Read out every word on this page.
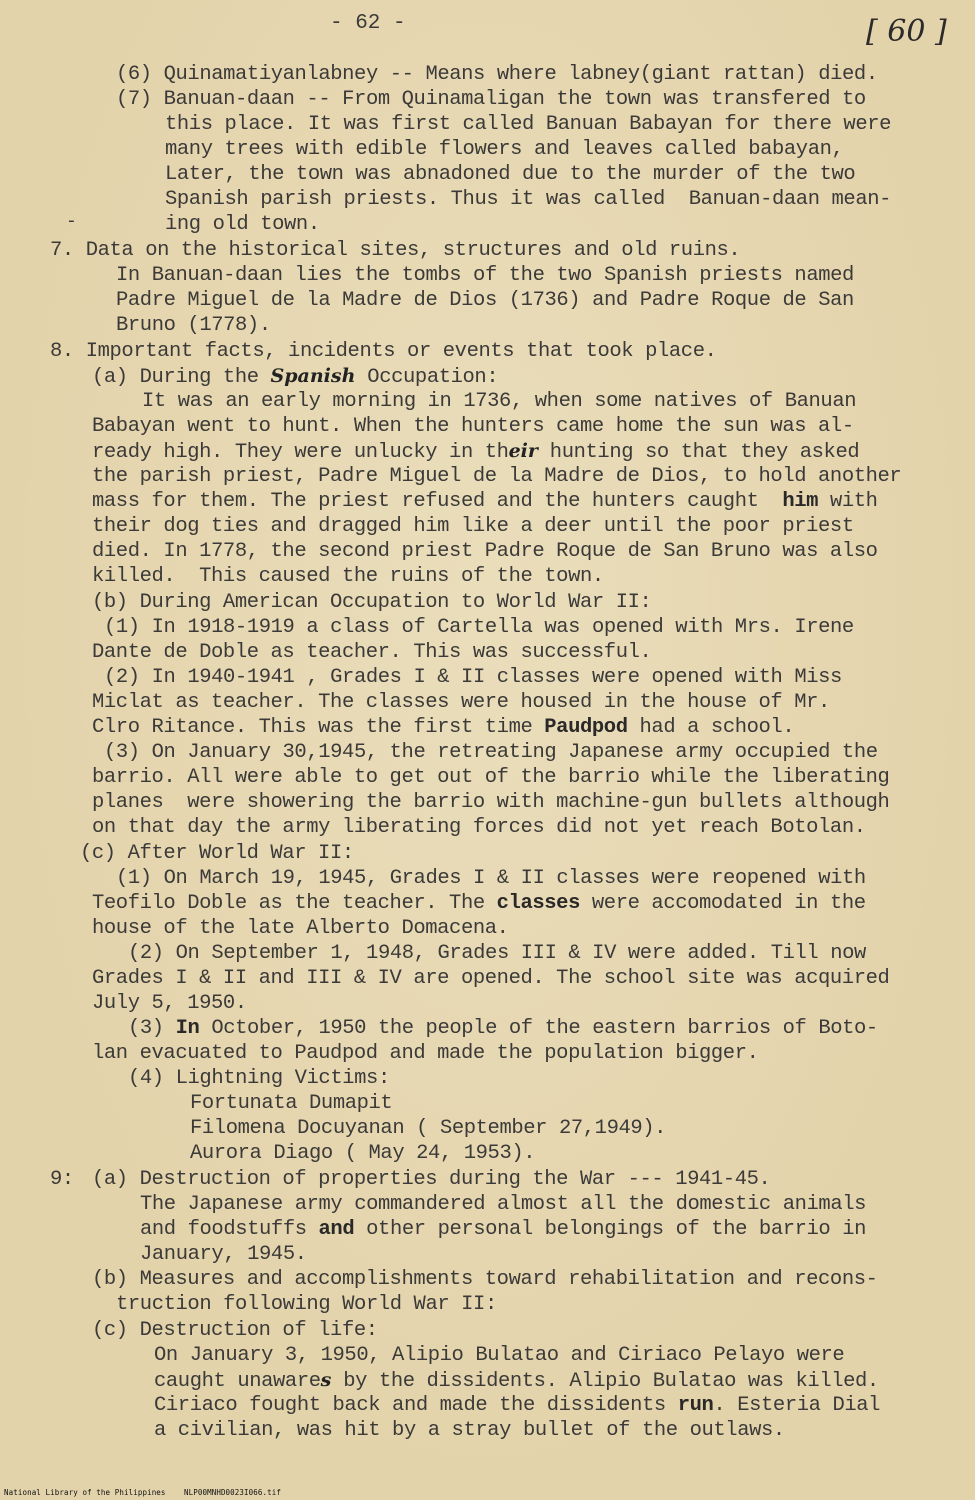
- 62 -	[ 60 ]
-
(6) Quinamatiyanlabney -- Means where labney(giant rattan) died.
(7) Banuan-daan -- From Quinamaligan the town was transfered to
this place. It was first called Banuan Babayan for there were
many trees with edible flowers and leaves called babayan,
Later, the town was abnadoned due to the murder of the two
Spanish parish priests. Thus it was called  Banuan-daan mean-
ing old town.
7. Data on the historical sites, structures and old ruins.
In Banuan-daan lies the tombs of the two Spanish priests named
Padre Miguel de la Madre de Dios (1736) and Padre Roque de San
Bruno (1778).
8. Important facts, incidents or events that took place.
(a) During the Spanish Occupation:
It was an early morning in 1736, when some natives of Banuan
Babayan went to hunt. When the hunters came home the sun was al-
ready high. They were unlucky in their hunting so that they asked
the parish priest, Padre Miguel de la Madre de Dios, to hold another
mass for them. The priest refused and the hunters caught  him with
their dog ties and dragged him like a deer until the poor priest
died. In 1778, the second priest Padre Roque de San Bruno was also
killed.  This caused the ruins of the town.
(b) During American Occupation to World War II:
(1) In 1918-1919 a class of Cartella was opened with Mrs. Irene
Dante de Doble as teacher. This was successful.
(2) In 1940-1941 , Grades I & II classes were opened with Miss
Miclat as teacher. The classes were housed in the house of Mr.
Clro Ritance. This was the first time Paudpod had a school.
(3) On January 30,1945, the retreating Japanese army occupied the
barrio. All were able to get out of the barrio while the liberating
planes  were showering the barrio with machine-gun bullets although
on that day the army liberating forces did not yet reach Botolan.
(c) After World War II:
(1) On March 19, 1945, Grades I & II classes were reopened with
Teofilo Doble as the teacher. The classes were accomodated in the
house of the late Alberto Domacena.
(2) On September 1, 1948, Grades III & IV were added. Till now
Grades I & II and III & IV are opened. The school site was acquired
July 5, 1950.
(3) In October, 1950 the people of the eastern barrios of Boto-
lan evacuated to Paudpod and made the population bigger.
(4) Lightning Victims:
Fortunata Dumapit
Filomena Docuyanan ( September 27,1949).
Aurora Diago ( May 24, 1953).
9: (a) Destruction of properties during the War --- 1941-45.
The Japanese army commandered almost all the domestic animals
and foodstuffs and other personal belongings of the barrio in
January, 1945.
(b) Measures and accomplishments toward rehabilitation and recons-
truction following World War II:
(c) Destruction of life:
On January 3, 1950, Alipio Bulatao and Ciriaco Pelayo were
caught unawares by the dissidents. Alipio Bulatao was killed.
Ciriaco fought back and made the dissidents run. Esteria Dial
a civilian, was hit by a stray bullet of the outlaws.
National Library of the Philippines NLP00MNHD0023I066.tif
